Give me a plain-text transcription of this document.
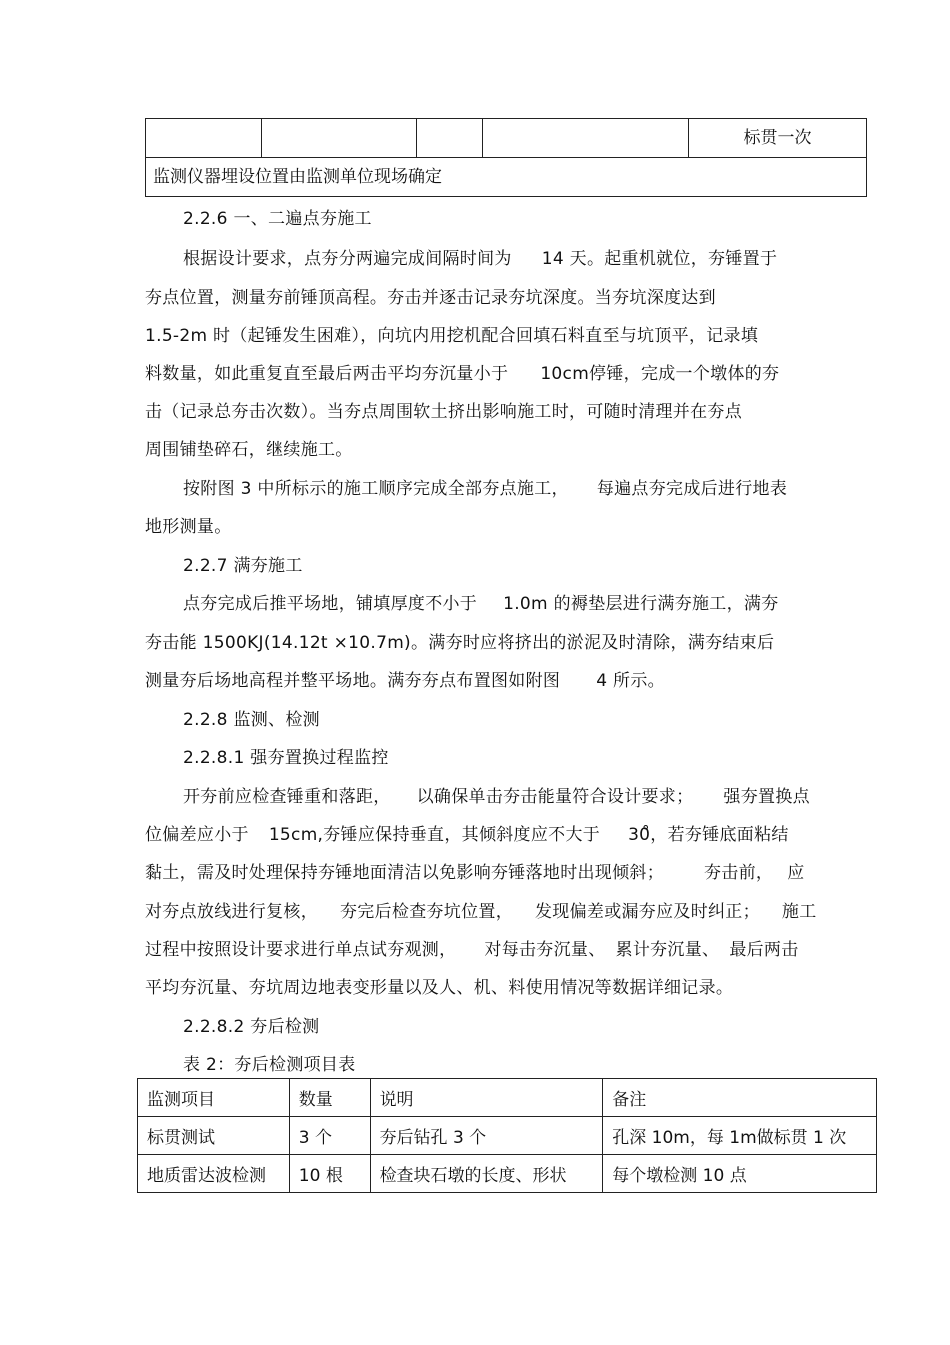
标贯一次
监测仪器埋设位置由监测单位现场确定
2.2.6 一、二遍点夯施工
根据设计要求，点夯分两遍完成间隔时间为 14 天。起重机就位，夯锤置于
夯点位置，测量夯前锤顶高程。夯击并逐击记录夯坑深度。当夯坑深度达到
1.5-2m 时（起锤发生困难），向坑内用挖机配合回填石料直至与坑顶平，记录填
料数量，如此重复直至最后两击平均夯沉量小于 10cm停锤，完成一个墩体的夯
击（记录总夯击次数）。当夯点周围软土挤出影响施工时，可随时清理并在夯点
周围铺垫碎石，继续施工。
按附图 3 中所标示的施工顺序完成全部夯点施工， 每遍点夯完成后进行地表
地形测量。
2.2.7 满夯施工
点夯完成后推平场地，铺填厚度不小于 1.0m 的褥垫层进行满夯施工，满夯
夯击能 1500KJ(14.12t ×10.7m)。满夯时应将挤出的淤泥及时清除，满夯结束后
测量夯后场地高程并整平场地。满夯夯点布置图如附图 4 所示。
2.2.8 监测、检测
2.2.8.1 强夯置换过程监控
开夯前应检查锤重和落距， 以确保单击夯击能量符合设计要求； 强夯置换点
位偏差应小于 15cm,夯锤应保持垂直，其倾斜度应不大于 30̊，若夯锤底面粘结
黏土，需及时处理保持夯锤地面清洁以免影响夯锤落地时出现倾斜； 夯击前， 应
对夯点放线进行复核， 夯完后检查夯坑位置， 发现偏差或漏夯应及时纠正； 施工
过程中按照设计要求进行单点试夯观测， 对每击夯沉量、 累计夯沉量、 最后两击
平均夯沉量、夯坑周边地表变形量以及人、机、料使用情况等数据详细记录。
2.2.8.2 夯后检测
表 2：夯后检测项目表
监测项目	数量	说明	备注
标贯测试	3 个	夯后钻孔 3 个	孔深 10m，每 1m做标贯 1 次
地质雷达波检测	10 根	检查块石墩的长度、形状	每个墩检测 10 点
